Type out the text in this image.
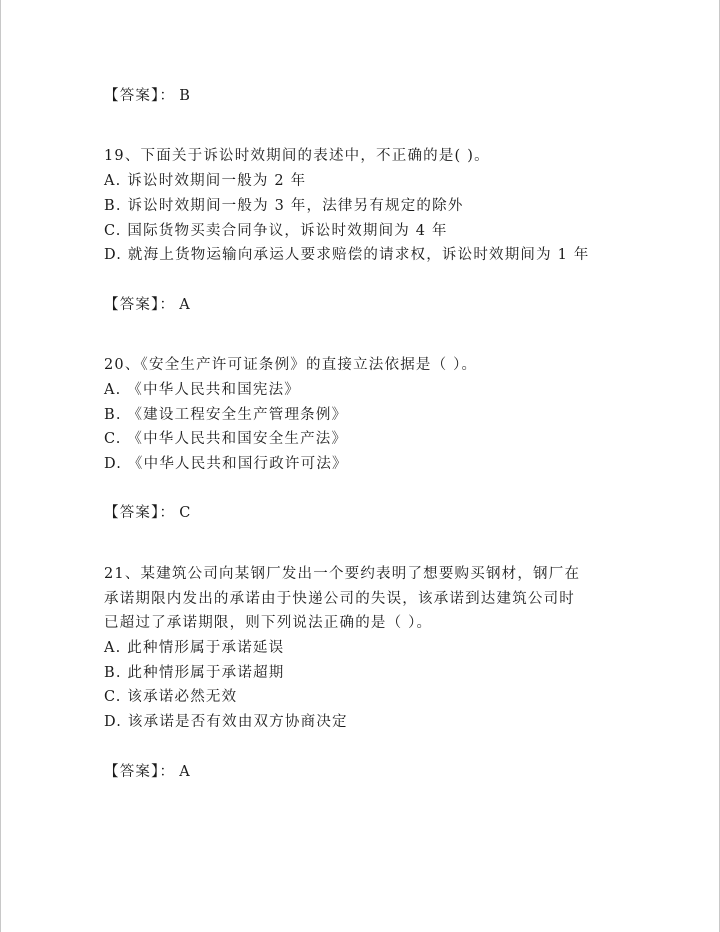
【答案】： B
19、下面关于诉讼时效期间的表述中，不正确的是( )。
A. 诉讼时效期间一般为 2 年
B. 诉讼时效期间一般为 3 年，法律另有规定的除外
C. 国际货物买卖合同争议，诉讼时效期间为 4 年
D. 就海上货物运输向承运人要求赔偿的请求权，诉讼时效期间为 1 年
【答案】： A
20、《安全生产许可证条例》的直接立法依据是（ ）。
A. 《中华人民共和国宪法》
B. 《建设工程安全生产管理条例》
C. 《中华人民共和国安全生产法》
D. 《中华人民共和国行政许可法》
【答案】： C
21、某建筑公司向某钢厂发出一个要约表明了想要购买钢材，钢厂在
承诺期限内发出的承诺由于快递公司的失误，该承诺到达建筑公司时
已超过了承诺期限，则下列说法正确的是（ ）。
A. 此种情形属于承诺延误
B. 此种情形属于承诺超期
C. 该承诺必然无效
D. 该承诺是否有效由双方协商决定
【答案】： A
